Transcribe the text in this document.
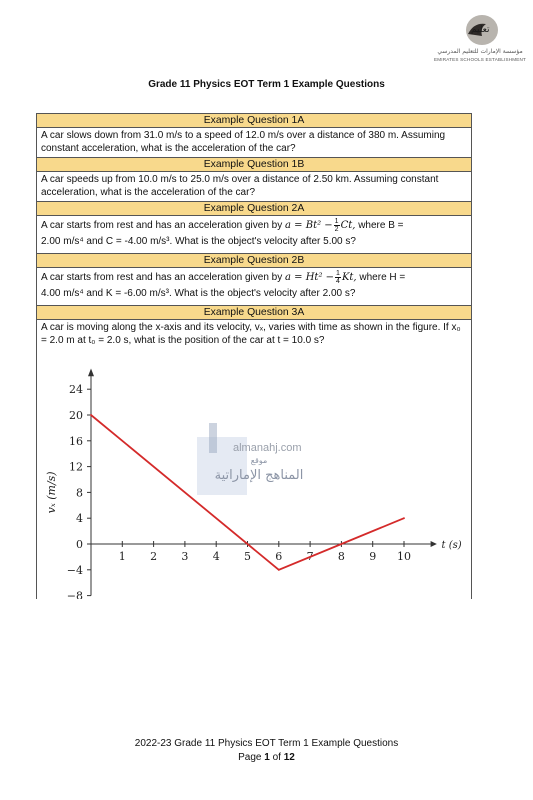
تعليم
مؤسسة الإمارات للتعليم المدرسي
EMIRATES SCHOOLS ESTABLISHMENT
Grade 11 Physics EOT Term 1 Example Questions
Example Question 1A
A car slows down from 31.0 m/s to a speed of 12.0 m/s over a distance of 380 m. Assuming constant acceleration, what is the acceleration of the car?
Example Question 1B
A car speeds up from 10.0 m/s to 25.0 m/s over a distance of 2.50 km. Assuming constant acceleration, what is the acceleration of the car?
Example Question 2A
A car starts from rest and has an acceleration given by $a = Bt^2 - \frac{1}{2} Ct$, where B =
2.00 m/s⁴ and C = -4.00 m/s³. What is the object's velocity after 5.00 s?
Example Question 2B
A car starts from rest and has an acceleration given by $a = Ht^2 - \frac{1}{4} Kt$, where H =
4.00 m/s⁴ and K = -6.00 m/s³. What is the object's velocity after 2.00 s?
Example Question 3A
A car is moving along the x-axis and its velocity, vₓ, varies with time as shown in the figure. If x₀ = 2.0 m at t₀ = 2.0 s, what is the position of the car at t = 10.0 s?
almanahj.com
موقع
المناهج الإماراتية
24
20
16
12
8
4
0
−4
−8
1 2 3 4 5 6 7 8 9 10
t (s)
vₓ (m/s)
2022-23 Grade 11 Physics EOT Term 1 Example Questions
Page 1 of 12
